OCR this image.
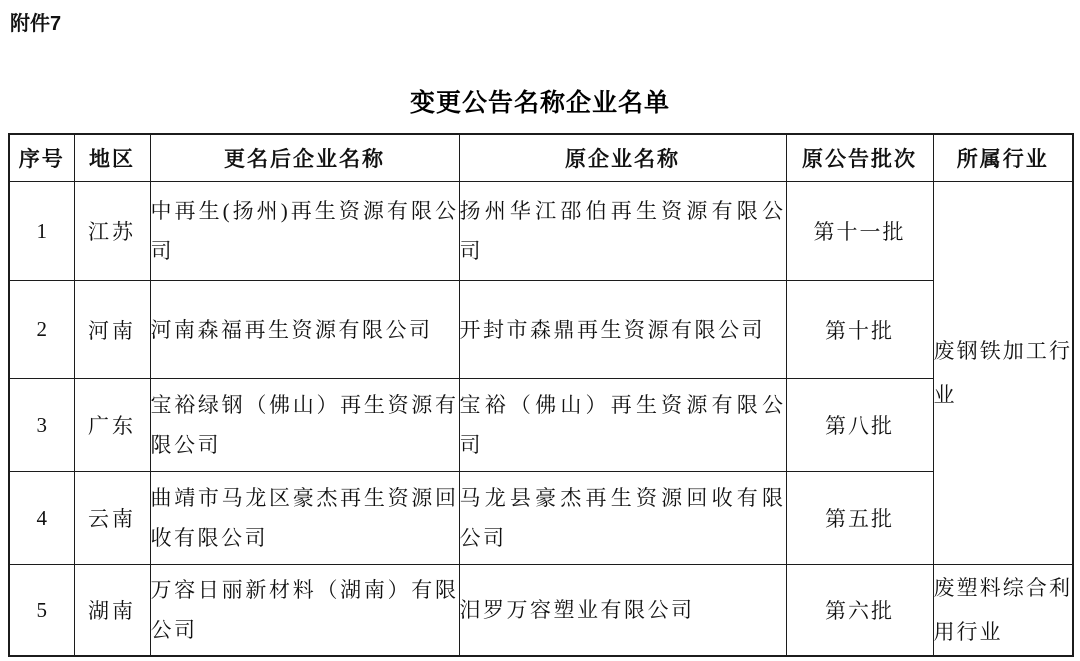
附件7
变更公告名称企业名单
序号	地区	更名后企业名称	原企业名称	原公告批次	所属行业
1	江苏	中再生(扬州)再生资源有限公司	扬州华江邵伯再生资源有限公司	第十一批	废钢铁加工行业
2	河南	河南森福再生资源有限公司	开封市森鼎再生资源有限公司	第十批	
3	广东	宝裕绿钢（佛山）再生资源有限公司	宝裕（佛山）再生资源有限公司	第八批	
4	云南	曲靖市马龙区豪杰再生资源回收有限公司	马龙县豪杰再生资源回收有限公司	第五批	
5	湖南	万容日丽新材料（湖南）有限公司	汨罗万容塑业有限公司	第六批	废塑料综合利用行业
